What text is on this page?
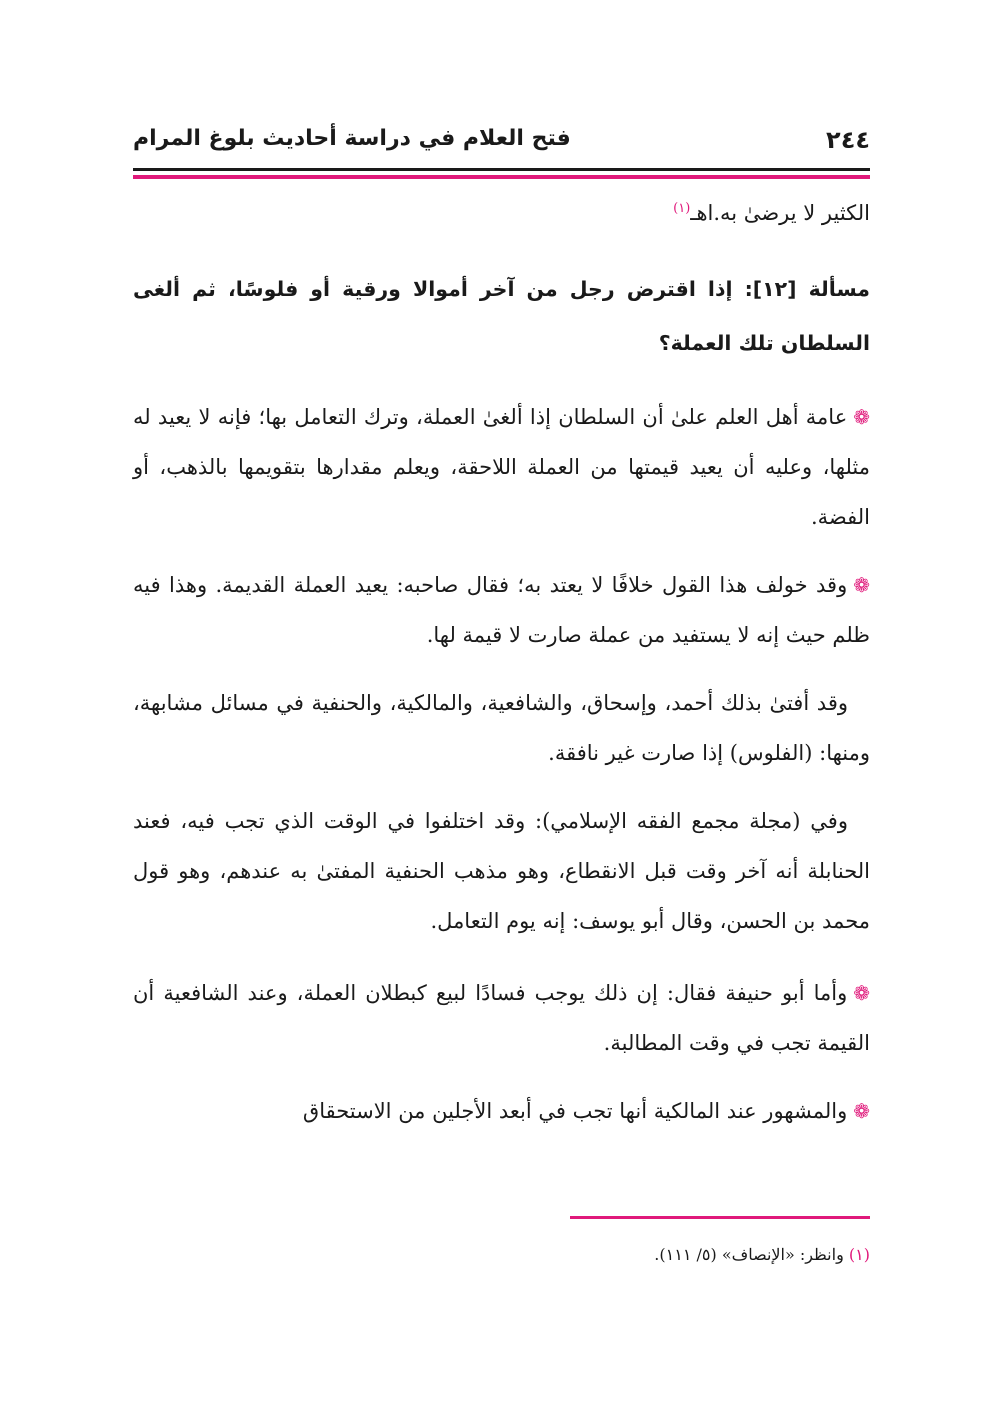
٢٤٤
فتح العلام في دراسة أحاديث بلوغ المرام

الكثير لا يرضىٰ به.اهـ$^{(١)}$

مسألة [١٢]: إذا اقترض رجل من آخر أموالا ورقية أو فلوسًا، ثم ألغى السلطان تلك العملة؟

❁عامة أهل العلم علىٰ أن السلطان إذا ألغىٰ العملة، وترك التعامل بها؛ فإنه لا يعيد له مثلها، وعليه أن يعيد قيمتها من العملة اللاحقة، ويعلم مقدارها بتقويمها بالذهب، أو الفضة.

❁وقد خولف هذا القول خلافًا لا يعتد به؛ فقال صاحبه: يعيد العملة القديمة. وهذا فيه ظلم حيث إنه لا يستفيد من عملة صارت لا قيمة لها.

وقد أفتىٰ بذلك أحمد، وإسحاق، والشافعية، والمالكية، والحنفية في مسائل مشابهة، ومنها: (الفلوس) إذا صارت غير نافقة.

وفي (مجلة مجمع الفقه الإسلامي): وقد اختلفوا في الوقت الذي تجب فيه، فعند الحنابلة أنه آخر وقت قبل الانقطاع، وهو مذهب الحنفية المفتىٰ به عندهم، وهو قول محمد بن الحسن، وقال أبو يوسف: إنه يوم التعامل.

❁وأما أبو حنيفة فقال: إن ذلك يوجب فسادًا لبيع كبطلان العملة، وعند الشافعية أن القيمة تجب في وقت المطالبة.

❁والمشهور عند المالكية أنها تجب في أبعد الأجلين من الاستحقاق

(١) وانظر: «الإنصاف» (٥/ ١١١).
